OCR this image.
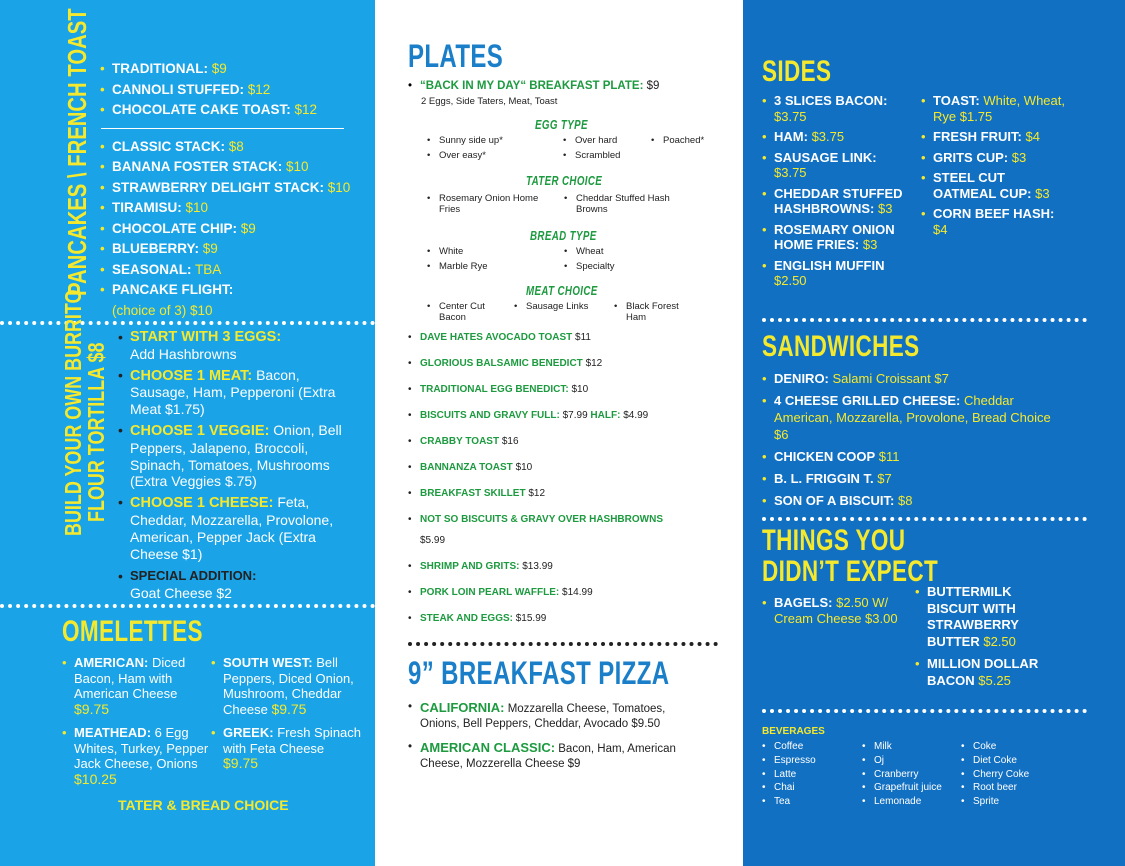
PANCAKES \ FRENCH TOAST	• TRADITIONAL: $9
• CANNOLI STUFFED: $12
• CHOCOLATE CAKE TOAST: $12
• CLASSIC STACK: $8
• BANANA FOSTER STACK: $10
• STRAWBERRY DELIGHT STACK: $10
• TIRAMISU: $10
• CHOCOLATE CHIP: $9
• BLUEBERRY: $9
• SEASONAL: TBA
• PANCAKE FLIGHT:
(choice of 3) $10
BUILD YOUR OWN BURRITO
FLOUR TORTILLA $8
• START WITH 3 EGGS:
Add Hashbrowns
• CHOOSE 1 MEAT: Bacon, Sausage, Ham, Pepperoni (Extra Meat $1.75)
• CHOOSE 1 VEGGIE: Onion, Bell Peppers, Jalapeno, Broccoli, Spinach, Tomatoes, Mushrooms (Extra Veggies $.75)
• CHOOSE 1 CHEESE: Feta, Cheddar, Mozzarella, Provolone, American, Pepper Jack (Extra Cheese $1)
• SPECIAL ADDITION:
Goat Cheese $2
OMELETTES
• AMERICAN: Diced Bacon, Ham with American Cheese $9.75
• MEATHEAD: 6 Egg Whites, Turkey, Pepper Jack Cheese, Onions $10.25
• SOUTH WEST: Bell Peppers, Diced Onion, Mushroom, Cheddar Cheese $9.75
• GREEK: Fresh Spinach with Feta Cheese $9.75
TATER & BREAD CHOICE
PLATES
• “BACK IN MY DAY“ BREAKFAST PLATE: $9
2 Eggs, Side Taters, Meat, Toast
EGG TYPE
• Sunny side up*	• Over hard	• Poached*
• Over easy*	• Scrambled
TATER CHOICE
• Rosemary Onion Home Fries
• Cheddar Stuffed Hash Browns
BREAD TYPE
• White	• Wheat
• Marble Rye	• Specialty
MEAT CHOICE
• Center Cut Bacon
• Sausage Links	• Black Forest Ham
• DAVE HATES AVOCADO TOAST $11
• GLORIOUS BALSAMIC BENEDICT $12
• TRADITIONAL EGG BENEDICT: $10
• BISCUITS AND GRAVY FULL: $7.99 HALF: $4.99
• CRABBY TOAST $16
• BANNANZA TOAST $10
• BREAKFAST SKILLET $12
• NOT SO BISCUITS & GRAVY OVER HASHBROWNS
$5.99
• SHRIMP AND GRITS: $13.99
• PORK LOIN PEARL WAFFLE: $14.99
• STEAK AND EGGS: $15.99
9” BREAKFAST PIZZA
• CALIFORNIA: Mozzarella Cheese, Tomatoes, Onions, Bell Peppers, Cheddar, Avocado $9.50
• AMERICAN CLASSIC: Bacon, Ham, American Cheese, Mozzerella Cheese $9
SIDES
• 3 SLICES BACON: $3.75
• HAM: $3.75
• SAUSAGE LINK: $3.75
• CHEDDAR STUFFED HASHBROWNS: $3
• ROSEMARY ONION HOME FRIES: $3
• ENGLISH MUFFIN $2.50
• TOAST: White, Wheat, Rye $1.75
• FRESH FRUIT: $4
• GRITS CUP: $3
• STEEL CUT OATMEAL CUP: $3
• CORN BEEF HASH: $4
SANDWICHES
• DENIRO: Salami Croissant $7
• 4 CHEESE GRILLED CHEESE: Cheddar American, Mozzarella, Provolone, Bread Choice $6
• CHICKEN COOP $11
• B. L. FRIGGIN T. $7
• SON OF A BISCUIT: $8
THINGS YOU
DIDN’T EXPECT
• BAGELS: $2.50 W/ Cream Cheese $3.00
• BUTTERMILK BISCUIT WITH STRAWBERRY BUTTER $2.50
• MILLION DOLLAR BACON $5.25
BEVERAGES
• Coffee
• Espresso
• Latte
• Chai
• Tea
• Milk
• Oj
• Cranberry
• Grapefruit juice
• Lemonade
• Coke
• Diet Coke
• Cherry Coke
• Root beer
• Sprite
